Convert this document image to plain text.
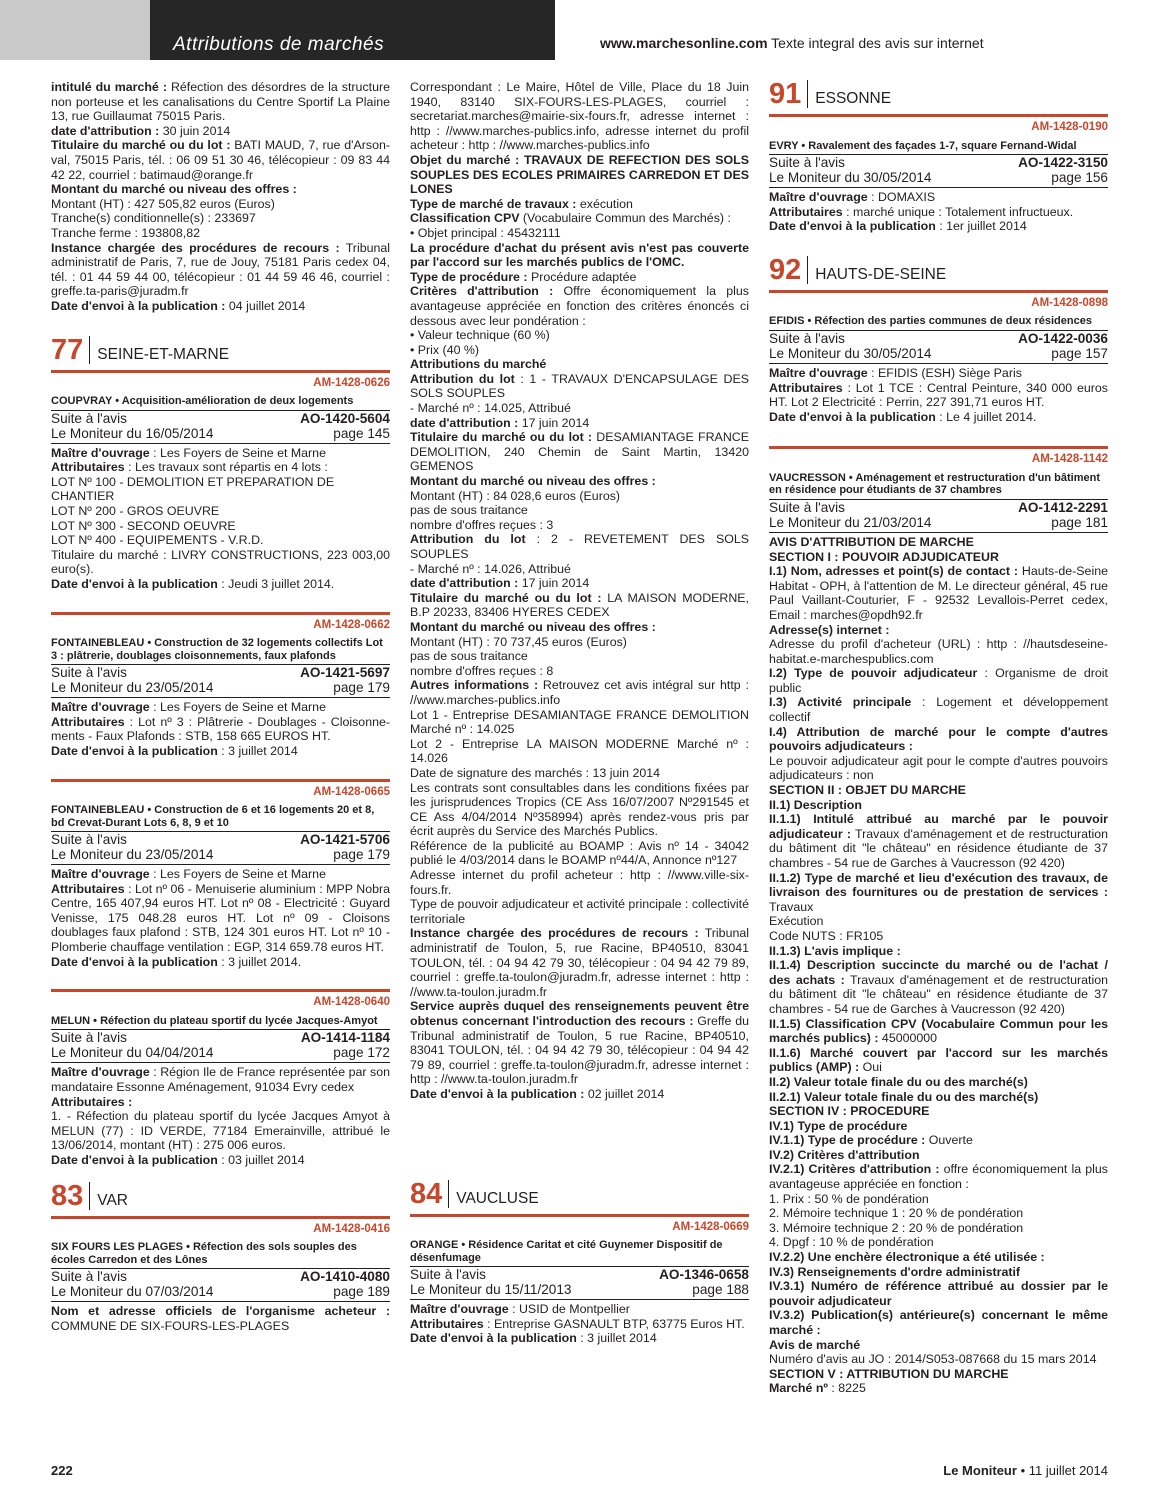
Attributions de marchés	www.marchesonline.com Texte integral des avis sur internet

intitulé du marché : Réfection des désordres de la structure non porteuse et les canalisations du Centre Sportif La Plaine 13, rue Guillaumat 75015 Paris.

date d'attribution : 30 juin 2014

Titulaire du marché ou du lot : BATI MAUD, 7, rue d'Arson-val, 75015 Paris, tél. : 06 09 51 30 46, télécopieur : 09 83 44 42 22, courriel : batimaud@orange.fr

Montant du marché ou niveau des offres :

Montant (HT) : 427 505,82 euros (Euros)

Tranche(s) conditionnelle(s) : 233697

Tranche ferme : 193808,82

Instance chargée des procédures de recours : Tribunal administratif de Paris, 7, rue de Jouy, 75181 Paris cedex 04, tél. : 01 44 59 44 00, télécopieur : 01 44 59 46 46, courriel : greffe.ta-paris@juradm.fr

Date d'envoi à la publication : 04 juillet 2014

77 SEINE-ET-MARNE
AM-1428-0626
COUPVRAY • Acquisition-amélioration de deux logements
Suite à l'avis	AO-1420-5604
Le Moniteur du 16/05/2014	page 145

Maître d'ouvrage : Les Foyers de Seine et Marne

Attributaires : Les travaux sont répartis en 4 lots :

LOT Nº 100 - DEMOLITION ET PREPARATION DE CHANTIER

LOT Nº 200 - GROS OEUVRE

LOT Nº 300 - SECOND OEUVRE

LOT Nº 400 - EQUIPEMENTS - V.R.D.

Titulaire du marché : LIVRY CONSTRUCTIONS, 223 003,00 euro(s).

Date d'envoi à la publication : Jeudi 3 juillet 2014.

AM-1428-0662
FONTAINEBLEAU • Construction de 32 logements collectifs Lot 3 : plâtrerie, doublages cloisonnements, faux plafonds
Suite à l'avis	AO-1421-5697
Le Moniteur du 23/05/2014	page 179

Maître d'ouvrage : Les Foyers de Seine et Marne

Attributaires : Lot nº 3 : Plâtrerie - Doublages - Cloisonne-ments - Faux Plafonds : STB, 158 665 EUROS HT.

Date d'envoi à la publication : 3 juillet 2014

AM-1428-0665
FONTAINEBLEAU • Construction de 6 et 16 logements 20 et 8, bd Crevat-Durant Lots 6, 8, 9 et 10
Suite à l'avis	AO-1421-5706
Le Moniteur du 23/05/2014	page 179

Maître d'ouvrage : Les Foyers de Seine et Marne

Attributaires : Lot nº 06 - Menuiserie aluminium : MPP Nobra Centre, 165 407,94 euros HT. Lot nº 08 - Electricité : Guyard Venisse, 175 048.28 euros HT. Lot nº 09 - Cloisons doublages faux plafond : STB, 124 301 euros HT. Lot nº 10 - Plomberie chauffage ventilation : EGP, 314 659.78 euros HT.

Date d'envoi à la publication : 3 juillet 2014.

AM-1428-0640
MELUN • Réfection du plateau sportif du lycée Jacques-Amyot
Suite à l'avis	AO-1414-1184
Le Moniteur du 04/04/2014	page 172

Maître d'ouvrage : Région Ile de France représentée par son mandataire Essonne Aménagement, 91034 Evry cedex

Attributaires :

1. - Réfection du plateau sportif du lycée Jacques Amyot à MELUN (77) : ID VERDE, 77184 Emerainville, attribué le 13/06/2014, montant (HT) : 275 006 euros.

Date d'envoi à la publication : 03 juillet 2014

83 VAR
AM-1428-0416
SIX FOURS LES PLAGES • Réfection des sols souples des écoles Carredon et des Lônes
Suite à l'avis	AO-1410-4080
Le Moniteur du 07/03/2014	page 189

Nom et adresse officiels de l'organisme acheteur : COMMUNE DE SIX-FOURS-LES-PLAGES

Correspondant : Le Maire, Hôtel de Ville, Place du 18 Juin 1940, 83140 SIX-FOURS-LES-PLAGES, courriel : secretariat.marches@mairie-six-fours.fr, adresse internet : http : //www.marches-publics.info, adresse internet du profil acheteur : http : //www.marches-publics.info

Objet du marché : TRAVAUX DE REFECTION DES SOLS SOUPLES DES ECOLES PRIMAIRES CARREDON ET DES LONES

Type de marché de travaux : exécution

Classification CPV (Vocabulaire Commun des Marchés) :

• Objet principal : 45432111

La procédure d'achat du présent avis n'est pas couverte par l'accord sur les marchés publics de l'OMC.

Type de procédure : Procédure adaptée

Critères d'attribution : Offre économiquement la plus avantageuse appréciée en fonction des critères énoncés ci dessous avec leur pondération :

• Valeur technique (60 %)

• Prix (40 %)

Attributions du marché

Attribution du lot : 1 - TRAVAUX D'ENCAPSULAGE DES SOLS SOUPLES

- Marché nº : 14.025, Attribué

date d'attribution : 17 juin 2014

Titulaire du marché ou du lot : DESAMIANTAGE FRANCE DEMOLITION, 240 Chemin de Saint Martin, 13420 GEMENOS

Montant du marché ou niveau des offres :

Montant (HT) : 84 028,6 euros (Euros)

pas de sous traitance

nombre d'offres reçues : 3

Attribution du lot : 2 - REVETEMENT DES SOLS SOUPLES

- Marché nº : 14.026, Attribué

date d'attribution : 17 juin 2014

Titulaire du marché ou du lot : LA MAISON MODERNE, B.P 20233, 83406 HYERES CEDEX

Montant du marché ou niveau des offres :

Montant (HT) : 70 737,45 euros (Euros)

pas de sous traitance

nombre d'offres reçues : 8

Autres informations : Retrouvez cet avis intégral sur http : //www.marches-publics.info

Lot 1 - Entreprise DESAMIANTAGE FRANCE DEMOLITION Marché nº : 14.025

Lot 2 - Entreprise LA MAISON MODERNE Marché nº : 14.026

Date de signature des marchés : 13 juin 2014

Les contrats sont consultables dans les conditions fixées par les jurisprudences Tropics (CE Ass 16/07/2007 Nº291545 et CE Ass 4/04/2014 Nº358994) après rendez-vous pris par écrit auprès du Service des Marchés Publics.

Référence de la publicité au BOAMP : Avis nº 14 - 34042 publié le 4/03/2014 dans le BOAMP nº44/A, Annonce nº127

Adresse internet du profil acheteur : http : //www.ville-six-fours.fr.

Type de pouvoir adjudicateur et activité principale : collectivité territoriale

Instance chargée des procédures de recours : Tribunal administratif de Toulon, 5, rue Racine, BP40510, 83041 TOULON, tél. : 04 94 42 79 30, télécopieur : 04 94 42 79 89, courriel : greffe.ta-toulon@juradm.fr, adresse internet : http : //www.ta-toulon.juradm.fr

Service auprès duquel des renseignements peuvent être obtenus concernant l'introduction des recours : Greffe du Tribunal administratif de Toulon, 5 rue Racine, BP40510, 83041 TOULON, tél. : 04 94 42 79 30, télécopieur : 04 94 42 79 89, courriel : greffe.ta-toulon@juradm.fr, adresse internet : http : //www.ta-toulon.juradm.fr

Date d'envoi à la publication : 02 juillet 2014

84 VAUCLUSE
AM-1428-0669
ORANGE • Résidence Caritat et cité Guynemer Dispositif de désenfumage
Suite à l'avis	AO-1346-0658
Le Moniteur du 15/11/2013	page 188

Maître d'ouvrage : USID de Montpellier

Attributaires : Entreprise GASNAULT BTP, 63775 Euros HT.

Date d'envoi à la publication : 3 juillet 2014

91 ESSONNE
AM-1428-0190
EVRY • Ravalement des façades 1-7, square Fernand-Widal
Suite à l'avis	AO-1422-3150
Le Moniteur du 30/05/2014	page 156

Maître d'ouvrage : DOMAXIS

Attributaires : marché unique : Totalement infructueux.

Date d'envoi à la publication : 1er juillet 2014

92 HAUTS-DE-SEINE
AM-1428-0898
EFIDIS • Réfection des parties communes de deux résidences
Suite à l'avis	AO-1422-0036
Le Moniteur du 30/05/2014	page 157

Maître d'ouvrage : EFIDIS (ESH) Siège Paris

Attributaires : Lot 1 TCE : Central Peinture, 340 000 euros HT. Lot 2 Electricité : Perrin, 227 391,71 euros HT.

Date d'envoi à la publication : Le 4 juillet 2014.

AM-1428-1142
VAUCRESSON • Aménagement et restructuration d'un bâtiment en résidence pour étudiants de 37 chambres
Suite à l'avis	AO-1412-2291
Le Moniteur du 21/03/2014	page 181

AVIS D'ATTRIBUTION DE MARCHE

SECTION I : POUVOIR ADJUDICATEUR

I.1) Nom, adresses et point(s) de contact : Hauts-de-Seine Habitat - OPH, à l'attention de M. Le directeur général, 45 rue Paul Vaillant-Couturier, F - 92532 Levallois-Perret cedex, Email : marches@opdh92.fr

Adresse(s) internet :

Adresse du profil d'acheteur (URL) : http : //hautsdeseine-habitat.e-marchespublics.com

I.2) Type de pouvoir adjudicateur : Organisme de droit public

I.3) Activité principale : Logement et développement collectif

I.4) Attribution de marché pour le compte d'autres pouvoirs adjudicateurs :

Le pouvoir adjudicateur agit pour le compte d'autres pouvoirs adjudicateurs : non

SECTION II : OBJET DU MARCHE

II.1) Description

II.1.1) Intitulé attribué au marché par le pouvoir adjudicateur : Travaux d'aménagement et de restructuration du bâtiment dit "le château" en résidence étudiante de 37 chambres - 54 rue de Garches à Vaucresson (92 420)

II.1.2) Type de marché et lieu d'exécution des travaux, de livraison des fournitures ou de prestation de services : Travaux

Exécution

Code NUTS : FR105

II.1.3) L'avis implique :

II.1.4) Description succincte du marché ou de l'achat / des achats : Travaux d'aménagement et de restructuration du bâtiment dit "le château" en résidence étudiante de 37 chambres - 54 rue de Garches à Vaucresson (92 420)

II.1.5) Classification CPV (Vocabulaire Commun pour les marchés publics) : 45000000

II.1.6) Marché couvert par l'accord sur les marchés publics (AMP) : Oui

II.2) Valeur totale finale du ou des marché(s)

II.2.1) Valeur totale finale du ou des marché(s)

SECTION IV : PROCEDURE

IV.1) Type de procédure

IV.1.1) Type de procédure : Ouverte

IV.2) Critères d'attribution

IV.2.1) Critères d'attribution : offre économiquement la plus avantageuse appréciée en fonction :

1. Prix : 50 % de pondération

2. Mémoire technique 1 : 20 % de pondération

3. Mémoire technique 2 : 20 % de pondération

4. Dpgf : 10 % de pondération

IV.2.2) Une enchère électronique a été utilisée :

IV.3) Renseignements d'ordre administratif

IV.3.1) Numéro de référence attribué au dossier par le pouvoir adjudicateur

IV.3.2) Publication(s) antérieure(s) concernant le même marché :

Avis de marché

Numéro d'avis au JO : 2014/S053-087668 du 15 mars 2014

SECTION V : ATTRIBUTION DU MARCHE

Marché nº : 8225

222	Le Moniteur • 11 juillet 2014
